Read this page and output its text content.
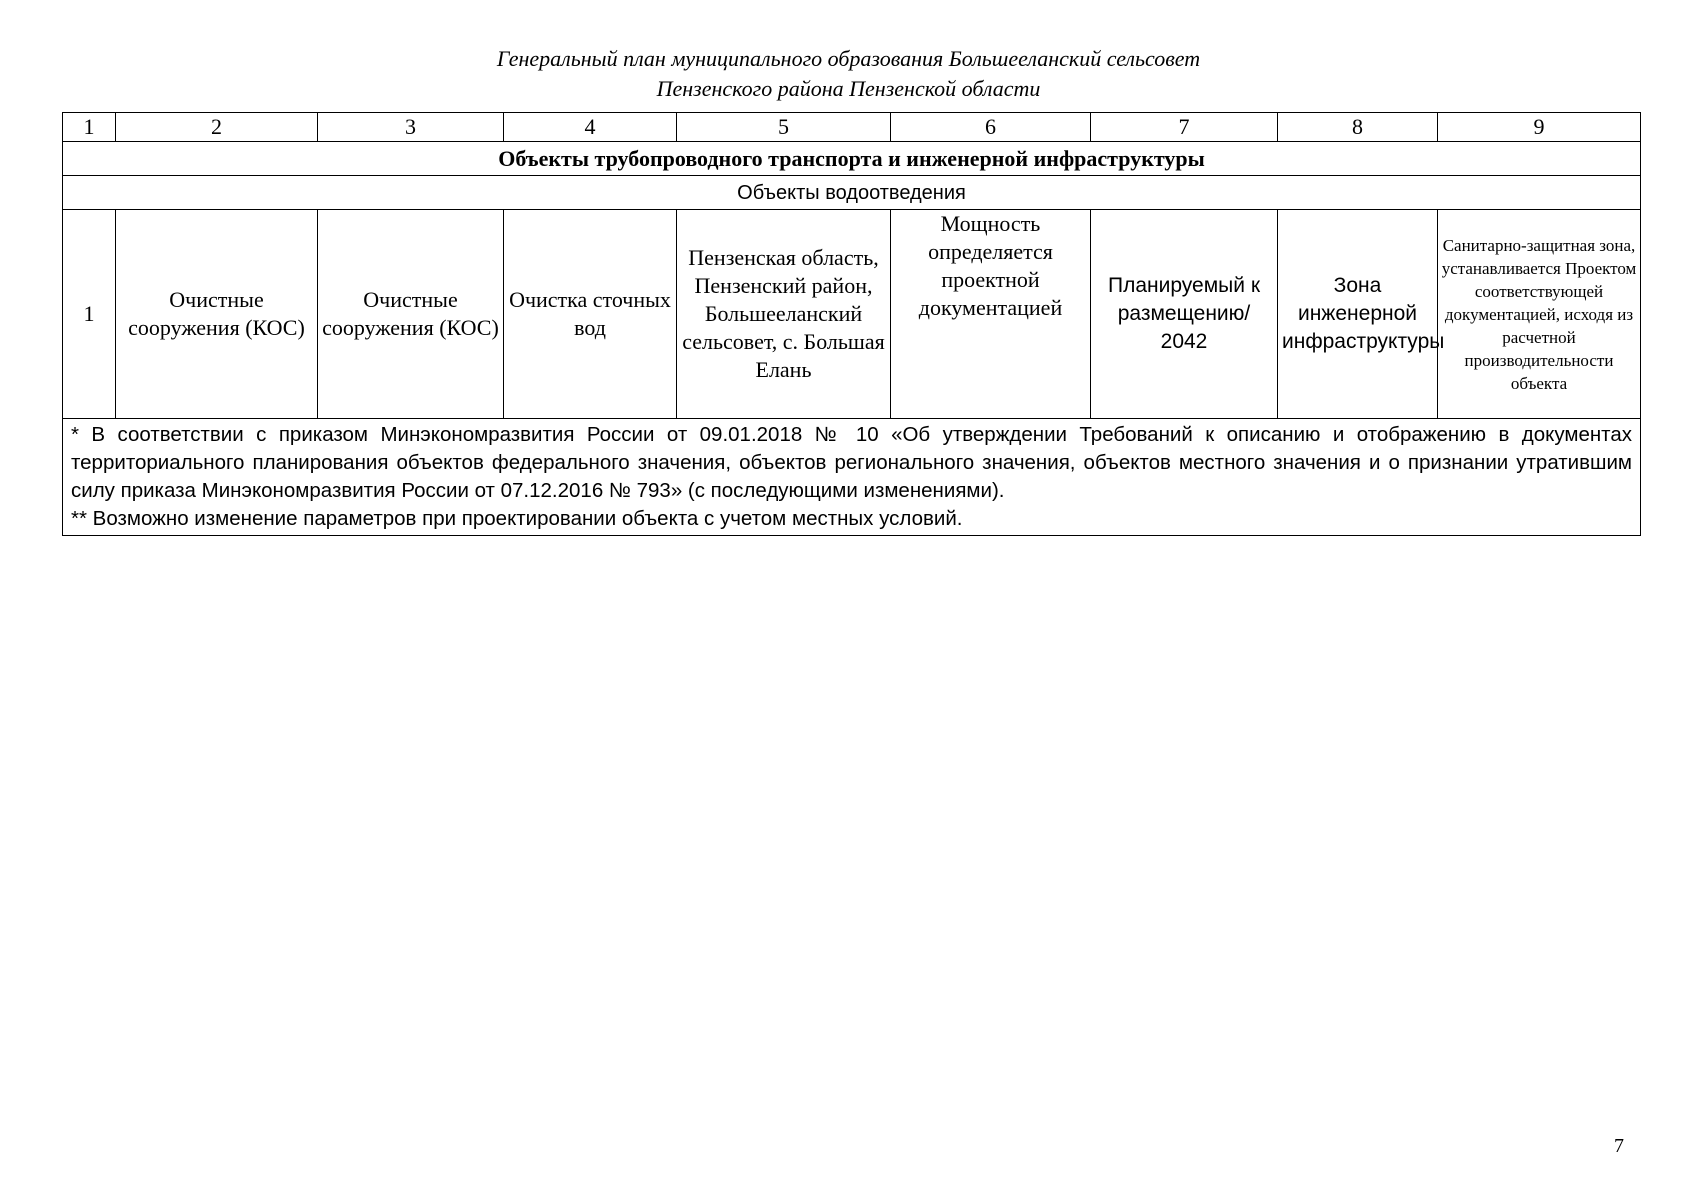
Генеральный план муниципального образования Большееланский сельсовет
Пензенского района Пензенской области
1	2	3	4	5	6	7	8	9
Объекты трубопроводного транспорта и инженерной инфраструктуры								
Объекты водоотведения								
1	Очистные сооружения (КОС)	Очистные сооружения (КОС)	Очистка сточных вод	Пензенская область, Пензенский район, Большееланский сельсовет, с. Большая Елань	Мощность определяется проектной документацией	Планируемый к размещению/ 2042	Зона инженерной инфраструктуры	Санитарно-защитная зона, устанавливается Проектом соответствующей документацией, исходя из расчетной производительности объекта

* В соответствии с приказом Минэкономразвития России от 09.01.2018 № 10 «Об утверждении Требований к описанию и отображению в документах территориального планирования объектов федерального значения, объектов регионального значения, объектов местного значения и о признании утратившим силу приказа Минэкономразвития России от 07.12.2016 № 793» (с последующими изменениями).
** Возможно изменение параметров при проектировании объекта с учетом местных условий.								
7
